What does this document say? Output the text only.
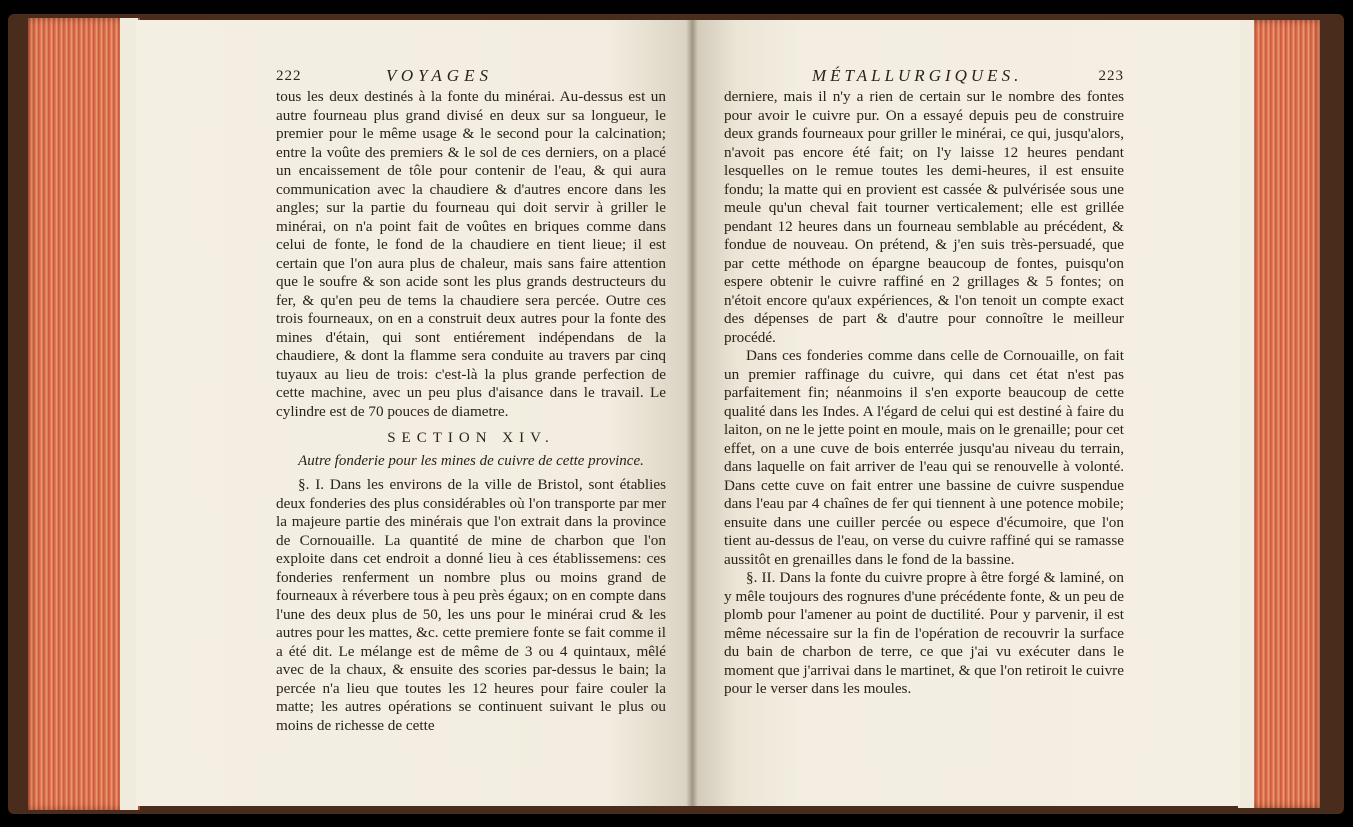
222	VOYAGES	MÉTALLURGIQUES.	223

tous les deux destinés à la fonte du minérai. Au-dessus est un autre fourneau plus grand divisé en deux sur sa longueur, le premier pour le même usage & le second pour la calcination; entre la voûte des premiers & le sol de ces derniers, on a placé un encaissement de tôle pour contenir de l'eau, & qui aura communication avec la chaudiere & d'autres encore dans les angles; sur la partie du fourneau qui doit servir à griller le minérai, on n'a point fait de voûtes en briques comme dans celui de fonte, le fond de la chaudiere en tient lieue; il est certain que l'on aura plus de chaleur, mais sans faire attention que le soufre & son acide sont les plus grands destructeurs du fer, & qu'en peu de tems la chaudiere sera percée. Outre ces trois fourneaux, on en a construit deux autres pour la fonte des mines d'étain, qui sont entiérement indépendans de la chaudiere, & dont la flamme sera conduite au travers par cinq tuyaux au lieu de trois: c'est-là la plus grande perfection de cette machine, avec un peu plus d'aisance dans le travail. Le cylindre est de 70 pouces de diametre.

SECTION XIV.

Autre fonderie pour les mines de cuivre de cette province.

§. I. Dans les environs de la ville de Bristol, sont établies deux fonderies des plus considérables où l'on transporte par mer la majeure partie des minérais que l'on extrait dans la province de Cornouaille. La quantité de mine de charbon que l'on exploite dans cet endroit a donné lieu à ces établissemens: ces fonderies renferment un nombre plus ou moins grand de fourneaux à réverbere tous à peu près égaux; on en compte dans l'une des deux plus de 50, les uns pour le minérai crud & les autres pour les mattes, &c. cette premiere fonte se fait comme il a été dit. Le mélange est de même de 3 ou 4 quintaux, mêlé avec de la chaux, & ensuite des scories par-dessus le bain; la percée n'a lieu que toutes les 12 heures pour faire couler la matte; les autres opérations se continuent suivant le plus ou moins de richesse de cette

derniere, mais il n'y a rien de certain sur le nombre des fontes pour avoir le cuivre pur. On a essayé depuis peu de construire deux grands fourneaux pour griller le minérai, ce qui, jusqu'alors, n'avoit pas encore été fait; on l'y laisse 12 heures pendant lesquelles on le remue toutes les demi-heures, il est ensuite fondu; la matte qui en provient est cassée & pulvérisée sous une meule qu'un cheval fait tourner verticalement; elle est grillée pendant 12 heures dans un fourneau semblable au précédent, & fondue de nouveau. On prétend, & j'en suis très-persuadé, que par cette méthode on épargne beaucoup de fontes, puisqu'on espere obtenir le cuivre raffiné en 2 grillages & 5 fontes; on n'étoit encore qu'aux expériences, & l'on tenoit un compte exact des dépenses de part & d'autre pour connoître le meilleur procédé.

Dans ces fonderies comme dans celle de Cornouaille, on fait un premier raffinage du cuivre, qui dans cet état n'est pas parfaitement fin; néanmoins il s'en exporte beaucoup de cette qualité dans les Indes. A l'égard de celui qui est destiné à faire du laiton, on ne le jette point en moule, mais on le grenaille; pour cet effet, on a une cuve de bois enterrée jusqu'au niveau du terrain, dans laquelle on fait arriver de l'eau qui se renouvelle à volonté. Dans cette cuve on fait entrer une bassine de cuivre suspendue dans l'eau par 4 chaînes de fer qui tiennent à une potence mobile; ensuite dans une cuiller percée ou espece d'écumoire, que l'on tient au-dessus de l'eau, on verse du cuivre raffiné qui se ramasse aussitôt en grenailles dans le fond de la bassine.

§. II. Dans la fonte du cuivre propre à être forgé & laminé, on y mêle toujours des rognures d'une précédente fonte, & un peu de plomb pour l'amener au point de ductilité. Pour y parvenir, il est même nécessaire sur la fin de l'opération de recouvrir la surface du bain de charbon de terre, ce que j'ai vu exécuter dans le moment que j'arrivai dans le martinet, & que l'on retiroit le cuivre pour le verser dans les moules.
